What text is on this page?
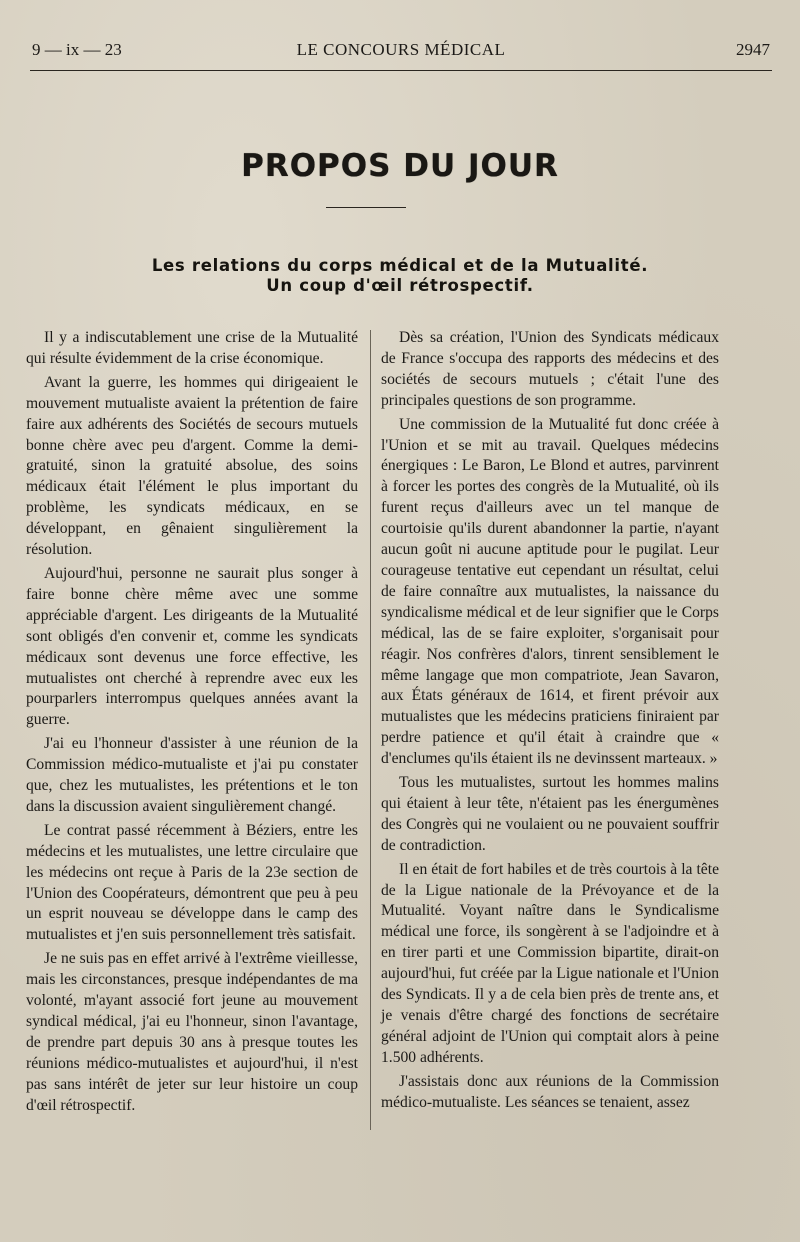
9 — ix — 23	LE CONCOURS MÉDICAL	2947
PROPOS DU JOUR
Les relations du corps médical et de la Mutualité.
Un coup d'œil rétrospectif.

Il y a indiscutablement une crise de la Mutualité qui résulte évidemment de la crise économique.

Avant la guerre, les hommes qui dirigeaient le mouvement mutualiste avaient la prétention de faire faire aux adhérents des Sociétés de secours mutuels bonne chère avec peu d'argent. Comme la demi-gratuité, sinon la gratuité absolue, des soins médicaux était l'élément le plus important du problème, les syndicats médicaux, en se développant, en gênaient singulièrement la résolution.

Aujourd'hui, personne ne saurait plus songer à faire bonne chère même avec une somme appréciable d'argent. Les dirigeants de la Mutualité sont obligés d'en convenir et, comme les syndicats médicaux sont devenus une force effective, les mutualistes ont cherché à reprendre avec eux les pourparlers interrompus quelques années avant la guerre.

J'ai eu l'honneur d'assister à une réunion de la Commission médico-mutualiste et j'ai pu constater que, chez les mutualistes, les prétentions et le ton dans la discussion avaient singulièrement changé.

Le contrat passé récemment à Béziers, entre les médecins et les mutualistes, une lettre circulaire que les médecins ont reçue à Paris de la 23e section de l'Union des Coopérateurs, démontrent que peu à peu un esprit nouveau se développe dans le camp des mutualistes et j'en suis personnellement très satisfait.

Je ne suis pas en effet arrivé à l'extrême vieillesse, mais les circonstances, presque indépendantes de ma volonté, m'ayant associé fort jeune au mouvement syndical médical, j'ai eu l'honneur, sinon l'avantage, de prendre part depuis 30 ans à presque toutes les réunions médico-mutualistes et aujourd'hui, il n'est pas sans intérêt de jeter sur leur histoire un coup d'œil rétrospectif.

Dès sa création, l'Union des Syndicats médicaux de France s'occupa des rapports des médecins et des sociétés de secours mutuels ; c'était l'une des principales questions de son programme.

Une commission de la Mutualité fut donc créée à l'Union et se mit au travail. Quelques médecins énergiques : Le Baron, Le Blond et autres, parvinrent à forcer les portes des congrès de la Mutualité, où ils furent reçus d'ailleurs avec un tel manque de courtoisie qu'ils durent abandonner la partie, n'ayant aucun goût ni aucune aptitude pour le pugilat. Leur courageuse tentative eut cependant un résultat, celui de faire connaître aux mutualistes, la naissance du syndicalisme médical et de leur signifier que le Corps médical, las de se faire exploiter, s'organisait pour réagir. Nos confrères d'alors, tinrent sensiblement le même langage que mon compatriote, Jean Savaron, aux États généraux de 1614, et firent prévoir aux mutualistes que les médecins praticiens finiraient par perdre patience et qu'il était à craindre que « d'enclumes qu'ils étaient ils ne devinssent marteaux. »

Tous les mutualistes, surtout les hommes malins qui étaient à leur tête, n'étaient pas les énergumènes des Congrès qui ne voulaient ou ne pouvaient souffrir de contradiction.

Il en était de fort habiles et de très courtois à la tête de la Ligue nationale de la Prévoyance et de la Mutualité. Voyant naître dans le Syndicalisme médical une force, ils songèrent à se l'adjoindre et à en tirer parti et une Commission bipartite, dirait-on aujourd'hui, fut créée par la Ligue nationale et l'Union des Syndicats. Il y a de cela bien près de trente ans, et je venais d'être chargé des fonctions de secrétaire général adjoint de l'Union qui comptait alors à peine 1.500 adhérents.

J'assistais donc aux réunions de la Commission médico-mutualiste. Les séances se tenaient, assez
